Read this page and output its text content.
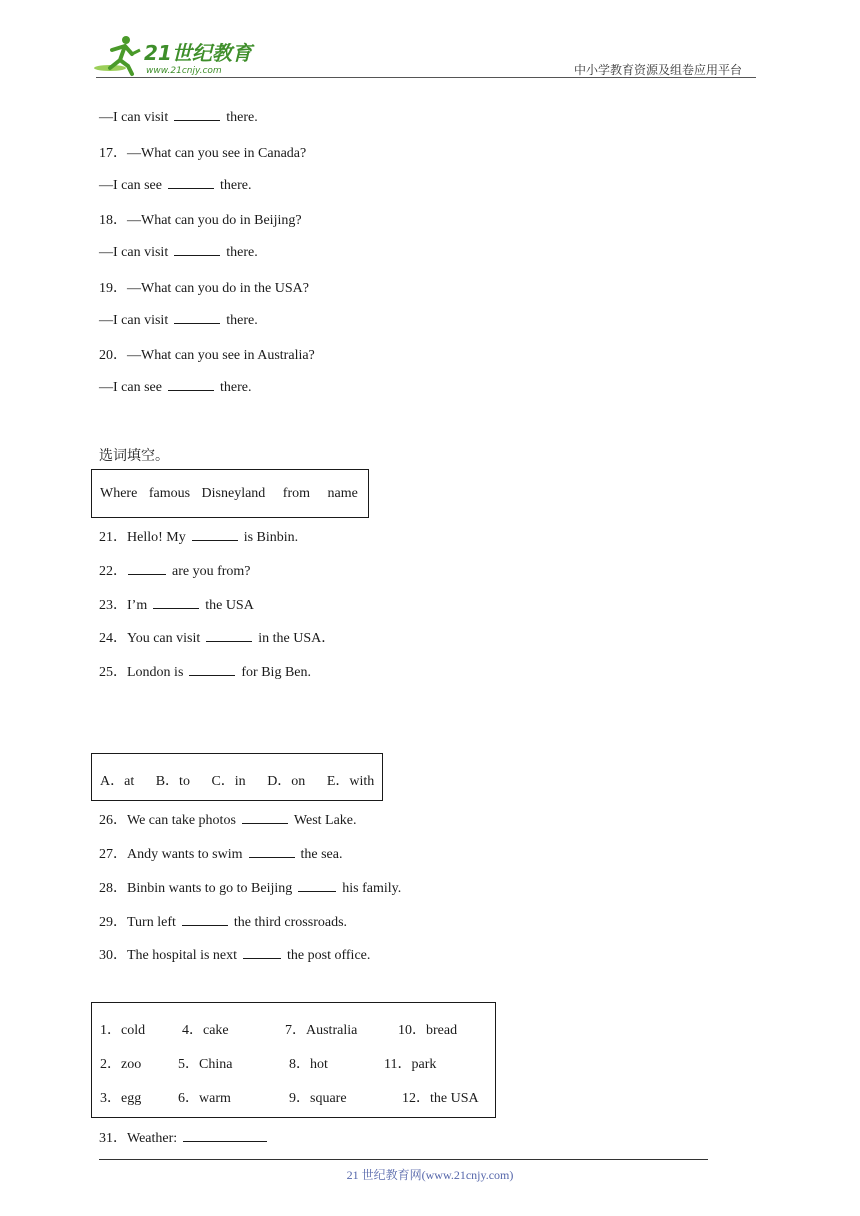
21世纪教育
www.21cnjy.com	中小学教育资源及组卷应用平台
—I can visit	there.
17．—What can you see in Canada?
—I can see	there.
18．—What can you do in Beijing?
—I can visit	there.
19．—What can you do in the USA?
—I can visit	there.
20．—What can you see in Australia?
—I can see	there.
选词填空。
Where famous Disneyland from name
21．Hello! My	is Binbin.
22．	are you from?
23．I’m	the USA
24．You can visit	in the USA．
25．London is	for Big Ben.
A．at B．to C．in D．on E．with
26．We can take photos	West Lake.
27．Andy wants to swim	the sea.
28．Binbin wants to go to Beijing	his family.
29．Turn left	the third crossroads.
30．The hospital is next	the post office.
1．cold	4．cake	7．Australia	10．bread
2．zoo	5．China	8．hot	11．park
3．egg	6．warm	9．square	12．the USA
31．Weather:
21 世纪教育网(www.21cnjy.com)
